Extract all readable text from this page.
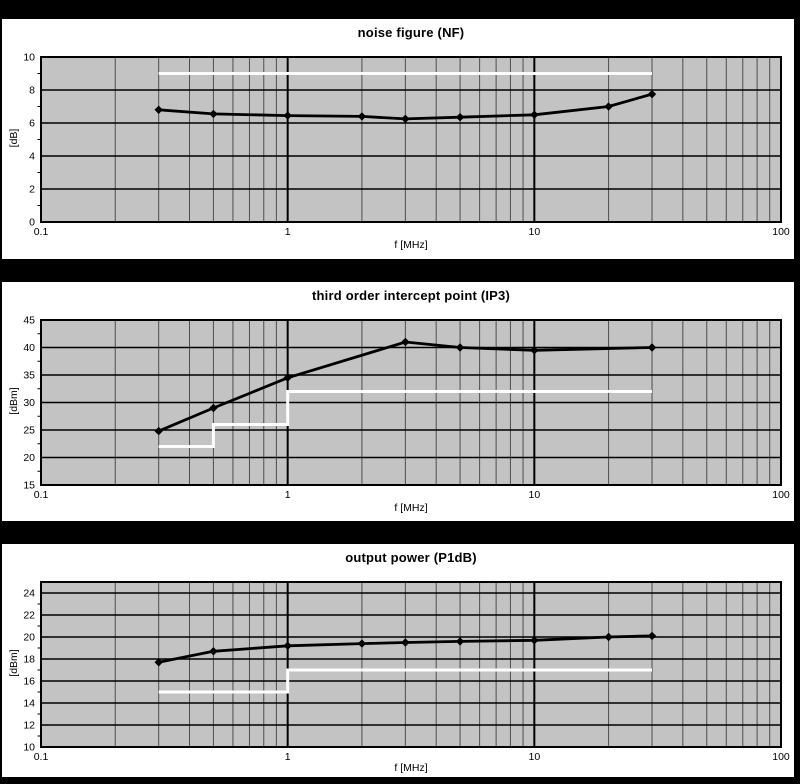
noise figure (NF)
[dB]
0
2
4
6
8
10
0.1	1	10	100
f [MHz]
third order intercept point (IP3)
[dBm]
15
20
25
30
35
40
45
0.1	1	10	100
f [MHz]
output power (P1dB)
[dBm]
10
12
14
16
18
20
22
24
0.1	1	10	100
f [MHz]
